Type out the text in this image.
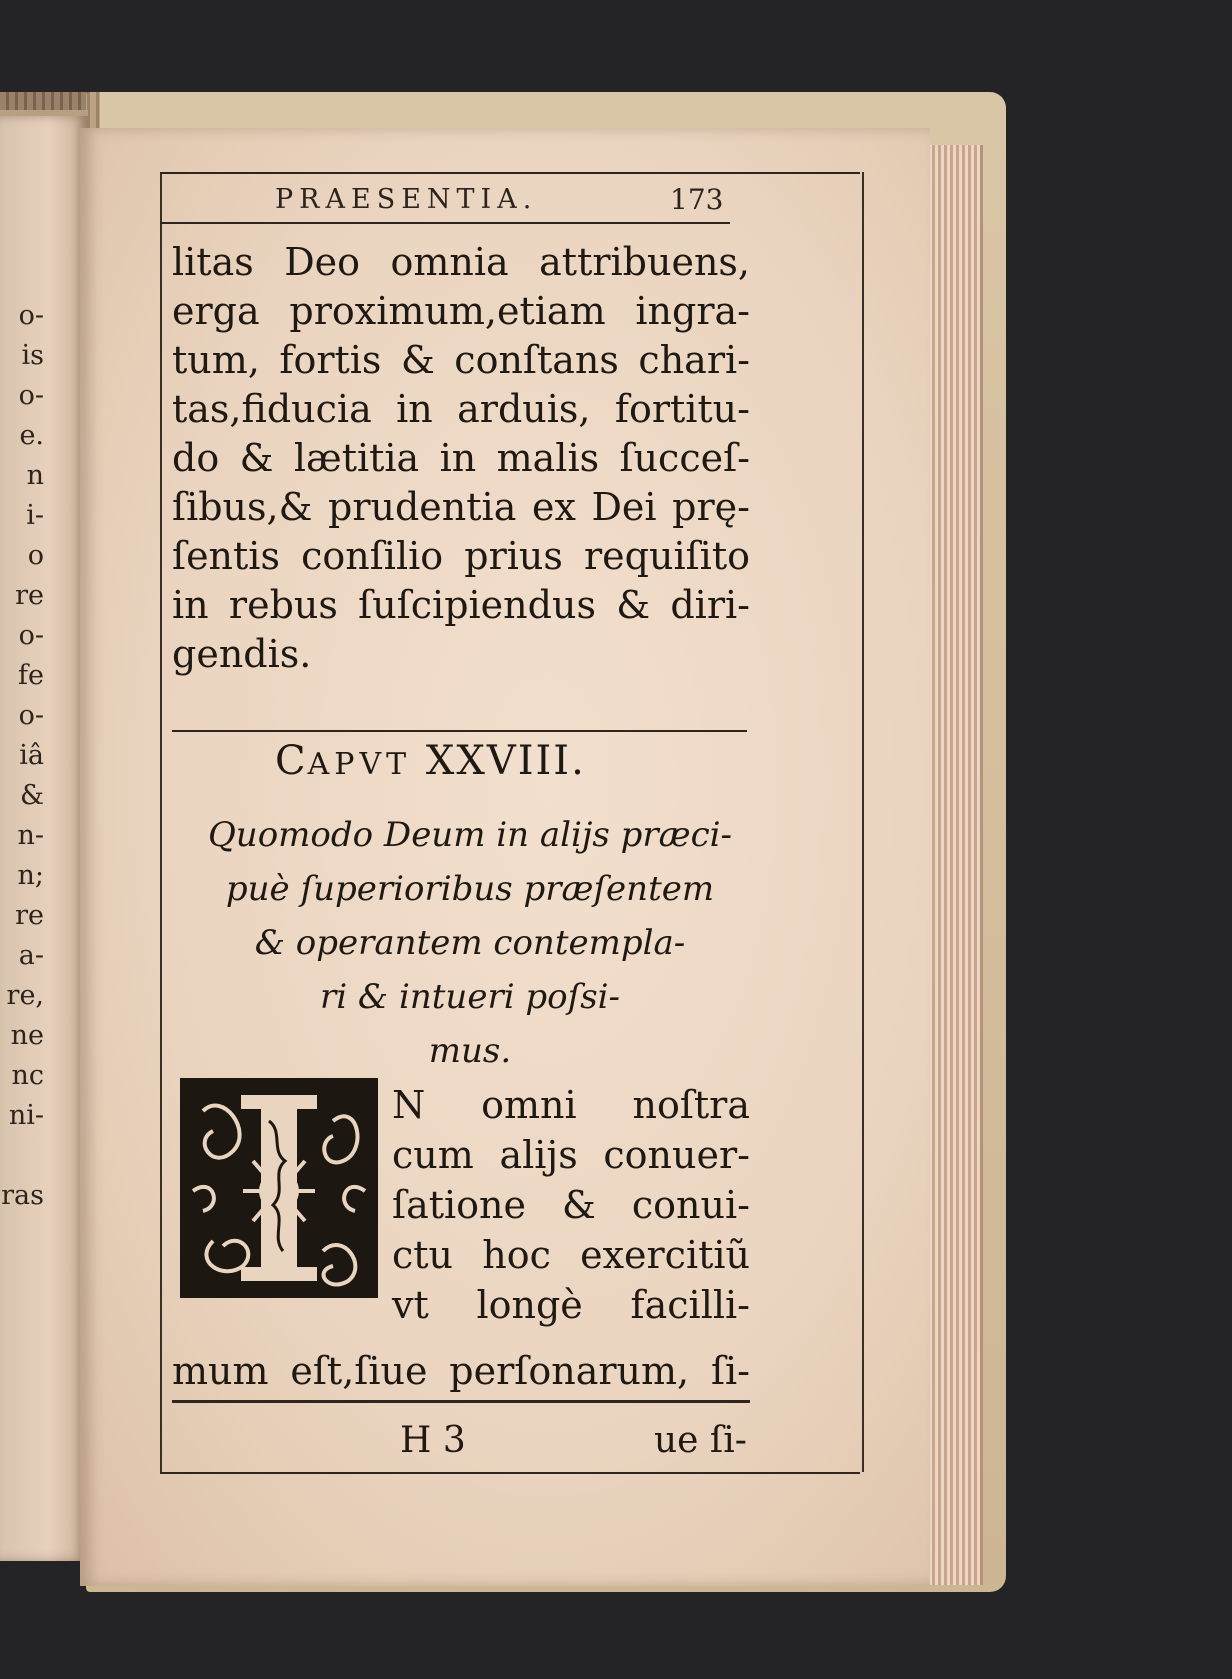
o-
is
o-
e.
n
i-
o
re
o-
fe
o-
iâ
&
n-
n;
re
a-
re,
ne
nc
ni-
ras
PRAESENTIA.	173
litas Deo omnia attribuens,
erga proximum,etiam ingra-
tum, fortis & conſtans chari-
tas,fiducia in arduis, fortitu-
do & lætitia in malis ſucceſ-
ſibus,& prudentia ex Dei prę-
ſentis conſilio prius requiſito
in rebus ſuſcipiendus & diri-
gendis.
CAPVT XXVIII.
Quomodo Deum in alijs præci-
puè ſuperioribus præſentem
& operantem contempla-
ri & intueri poſsi-
mus.
N omni noſtra
cum alijs conuer-
ſatione & conui-
ctu hoc exercitiũ
vt longè facilli-
mum eſt,ſiue perſonarum, ſi-
H 3	ue ſi-
